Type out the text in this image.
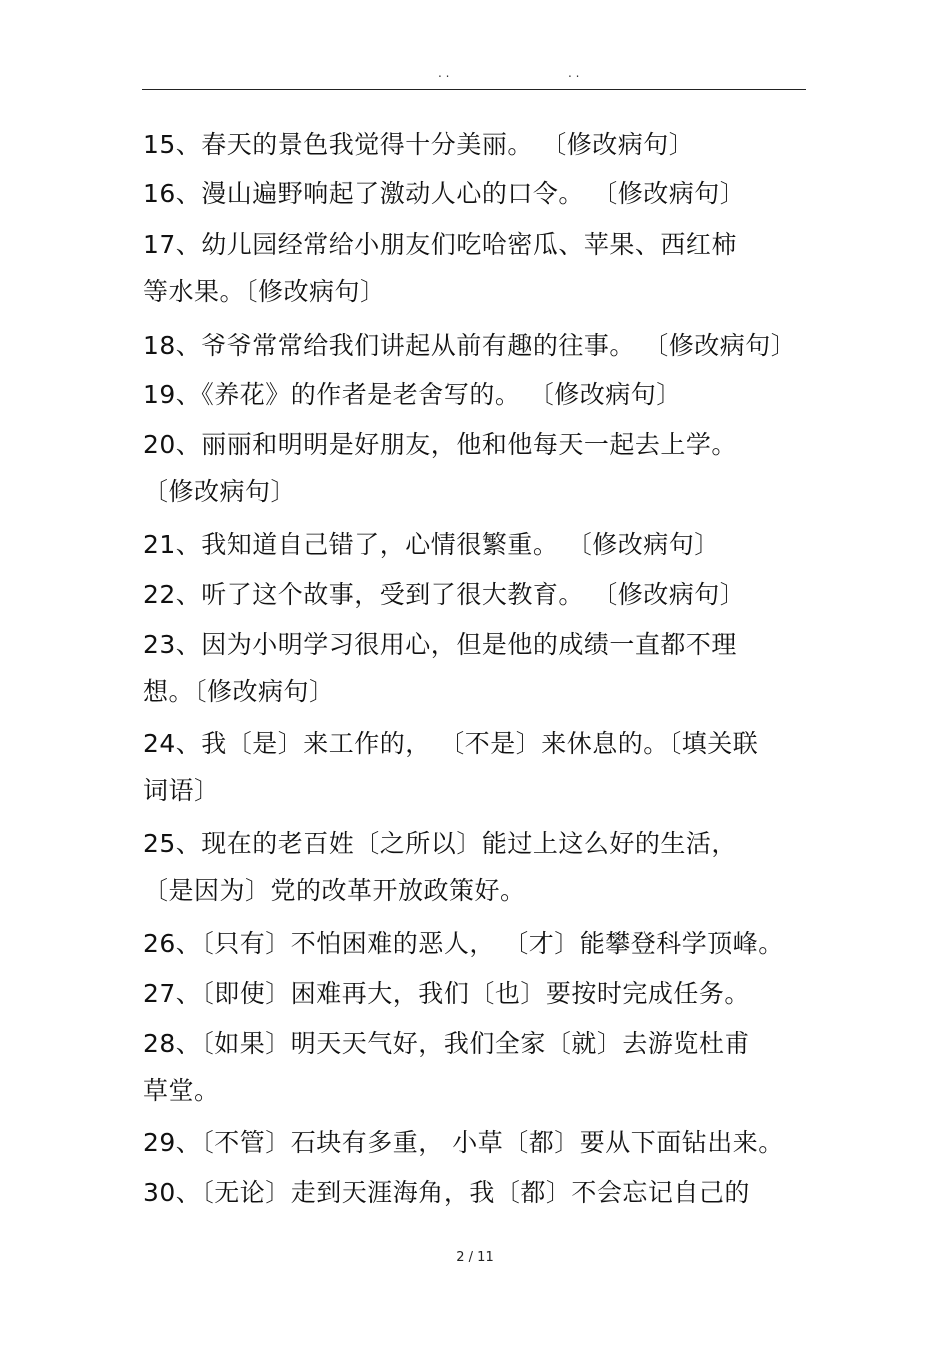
. .	. .
15、春天的景色我觉得十分美丽。 〔修改病句〕
16、漫山遍野响起了激动人心的口令。 〔修改病句〕
17、幼儿园经常给小朋友们吃哈密瓜、苹果、西红柿
等水果。〔修改病句〕
18、爷爷常常给我们讲起从前有趣的往事。 〔修改病句〕
19、《养花》的作者是老舍写的。 〔修改病句〕
20、丽丽和明明是好朋友，他和他每天一起去上学。
〔修改病句〕
21、我知道自己错了，心情很繁重。 〔修改病句〕
22、听了这个故事，受到了很大教育。 〔修改病句〕
23、因为小明学习很用心，但是他的成绩一直都不理
想。〔修改病句〕
24、我〔是〕来工作的， 〔不是〕来休息的。〔填关联
词语〕
25、现在的老百姓〔之所以〕能过上这么好的生活，
〔是因为〕党的改革开放政策好。
26、〔只有〕不怕困难的恶人， 〔才〕能攀登科学顶峰。
27、〔即使〕困难再大，我们〔也〕要按时完成任务。
28、〔如果〕明天天气好，我们全家〔就〕去游览杜甫
草堂。
29、〔不管〕石块有多重， 小草〔都〕要从下面钻出来。
30、〔无论〕走到天涯海角，我〔都〕不会忘记自己的
2 / 11
